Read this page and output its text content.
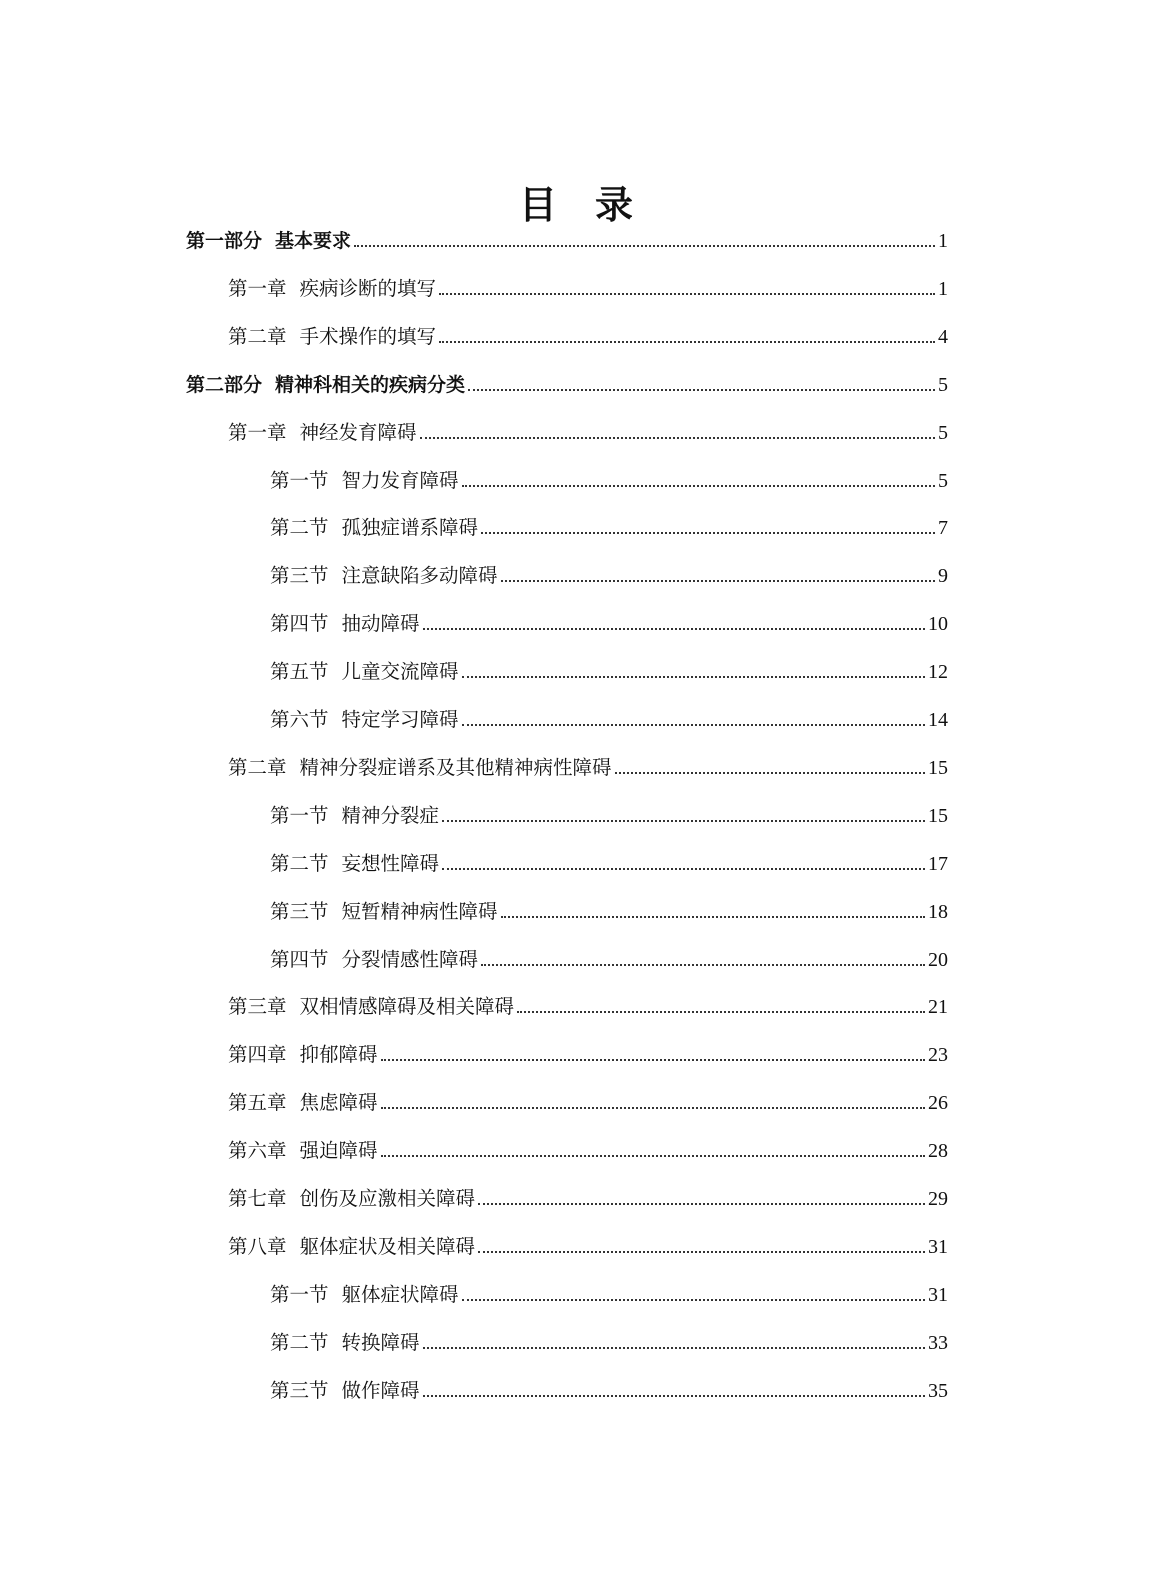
目　录
第一部分 基本要求	1
第一章 疾病诊断的填写	1
第二章 手术操作的填写	4
第二部分 精神科相关的疾病分类	5
第一章 神经发育障碍	5
第一节 智力发育障碍	5
第二节 孤独症谱系障碍	7
第三节 注意缺陷多动障碍	9
第四节 抽动障碍	10
第五节 儿童交流障碍	12
第六节 特定学习障碍	14
第二章 精神分裂症谱系及其他精神病性障碍	15
第一节 精神分裂症	15
第二节 妄想性障碍	17
第三节 短暂精神病性障碍	18
第四节 分裂情感性障碍	20
第三章 双相情感障碍及相关障碍	21
第四章 抑郁障碍	23
第五章 焦虑障碍	26
第六章 强迫障碍	28
第七章 创伤及应激相关障碍	29
第八章 躯体症状及相关障碍	31
第一节 躯体症状障碍	31
第二节 转换障碍	33
第三节 做作障碍	35
